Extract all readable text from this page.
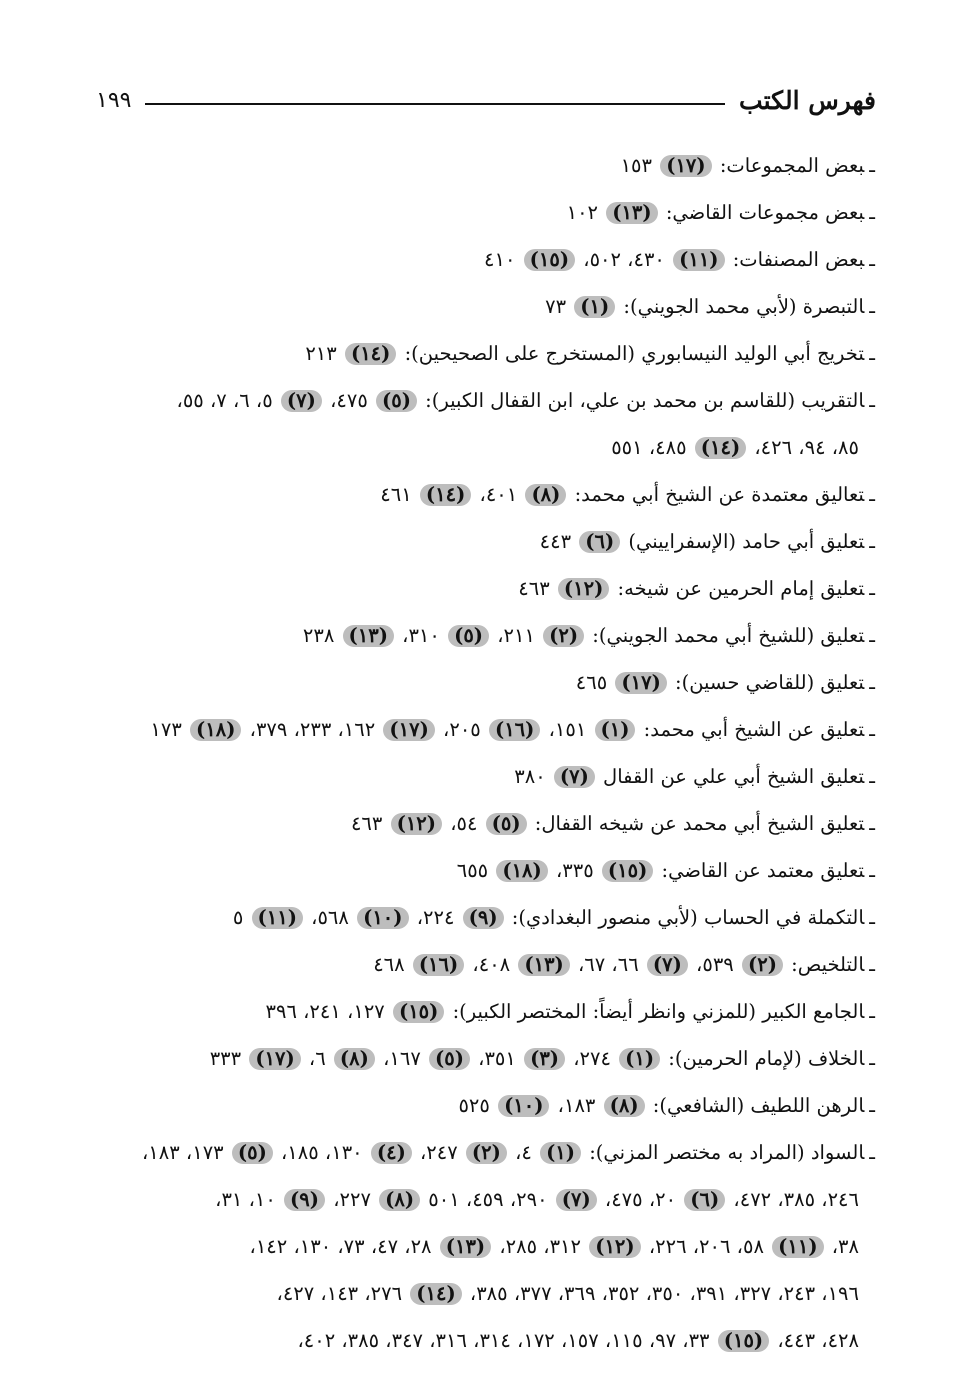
فهرس الكتب
١٩٩
ـبعض المجموعات: ( ١٧ ) ١٥٣
ـبعض مجموعات القاضي: ( ١٣ ) ١٠٢
ـبعض المصنفات: ( ١١ ) ٤٣٠، ٥٠٢، ( ١٥ ) ٤١٠
ـالتبصرة (لأبي محمد الجويني): ( ١ ) ٧٣
ـتخريج أبي الوليد النيسابوري (المستخرج على الصحيحين): ( ١٤ ) ٢١٣
ـالتقريب (للقاسم بن محمد بن علي، ابن القفال الكبير): ( ٥ ) ٤٧٥، ( ٧ ) ٥، ٦، ٧، ٥٥،
٨٥، ٩٤، ٤٢٦، ( ١٤ ) ٤٨٥، ٥٥١
ـتعاليق معتمدة عن الشيخ أبي محمد: ( ٨ ) ٤٠١، ( ١٤ ) ٤٦١
ـتعليق أبي حامد (الإسفراييني) ( ٦ ) ٤٤٣
ـتعليق إمام الحرمين عن شيخه: ( ١٢ ) ٤٦٣
ـتعليق (للشيخ أبي محمد الجويني): ( ٢ ) ٢١١، ( ٥ ) ٣١٠، ( ١٣ ) ٢٣٨
ـتعليق (للقاضي حسين): ( ١٧ ) ٤٦٥
ـتعليق عن الشيخ أبي محمد: ( ١ ) ١٥١، ( ١٦ ) ٢٠٥، ( ١٧ ) ١٦٢، ٢٣٣، ٣٧٩، ( ١٨ ) ١٧٣
ـتعليق الشيخ أبي علي عن القفال ( ٧ ) ٣٨٠
ـتعليق الشيخ أبي محمد عن شيخه القفال: ( ٥ ) ٥٤، ( ١٢ ) ٤٦٣
ـتعليق معتمد عن القاضي: ( ١٥ ) ٣٣٥، ( ١٨ ) ٦٥٥
ـالتكملة في الحساب (لأبي منصور البغدادي): ( ٩ ) ٢٢٤، ( ١٠ ) ٥٦٨، ( ١١ ) ٥
ـالتلخيص: ( ٢ ) ٥٣٩، ( ٧ ) ٦٦، ٦٧، ( ١٣ ) ٤٠٨، ( ١٦ ) ٤٦٨
ـالجامع الكبير (للمزني وانظر أيضاً: المختصر الكبير): ( ١٥ ) ١٢٧، ٢٤١، ٣٩٦
ـالخلاف (لإمام الحرمين): ( ١ ) ٢٧٤، ( ٣ ) ٣٥١، ( ٥ ) ١٦٧، ( ٨ ) ٦، ( ١٧ ) ٣٣٣
ـالرهن اللطيف (الشافعي): ( ٨ ) ١٨٣، ( ١٠ ) ٥٢٥
ـالسواد (المراد به مختصر المزني): ( ١ ) ٤، ( ٢ ) ٢٤٧، ( ٤ ) ١٣٠، ١٨٥، ( ٥ ) ١٧٣، ١٨٣،
٢٤٦، ٣٨٥، ٤٧٢، ( ٦ ) ٢٠، ٤٧٥، ( ٧ ) ٢٩٠، ٤٥٩، ٥٠١ ( ٨ ) ٢٢٧، ( ٩ ) ١٠، ٣١،
٣٨، ( ١١ ) ٥٨، ٢٠٦، ٢٢٦، ( ١٢ ) ٣١٢، ٢٨٥، ( ١٣ ) ٢٨، ٤٧، ٧٣، ١٣٠، ١٤٢،
١٩٦، ٢٤٣، ٣٢٧، ٣٩١، ٣٥٠، ٣٥٢، ٣٦٩، ٣٧٧، ٣٨٥، ( ١٤ ) ٢٧٦، ١٤٣، ٤٢٧،
٤٢٨، ٤٤٣، ( ١٥ ) ٣٣، ٩٧، ١١٥، ١٥٧، ١٧٢، ٣١٤، ٣١٦، ٣٤٧، ٣٨٥، ٤٠٢،
